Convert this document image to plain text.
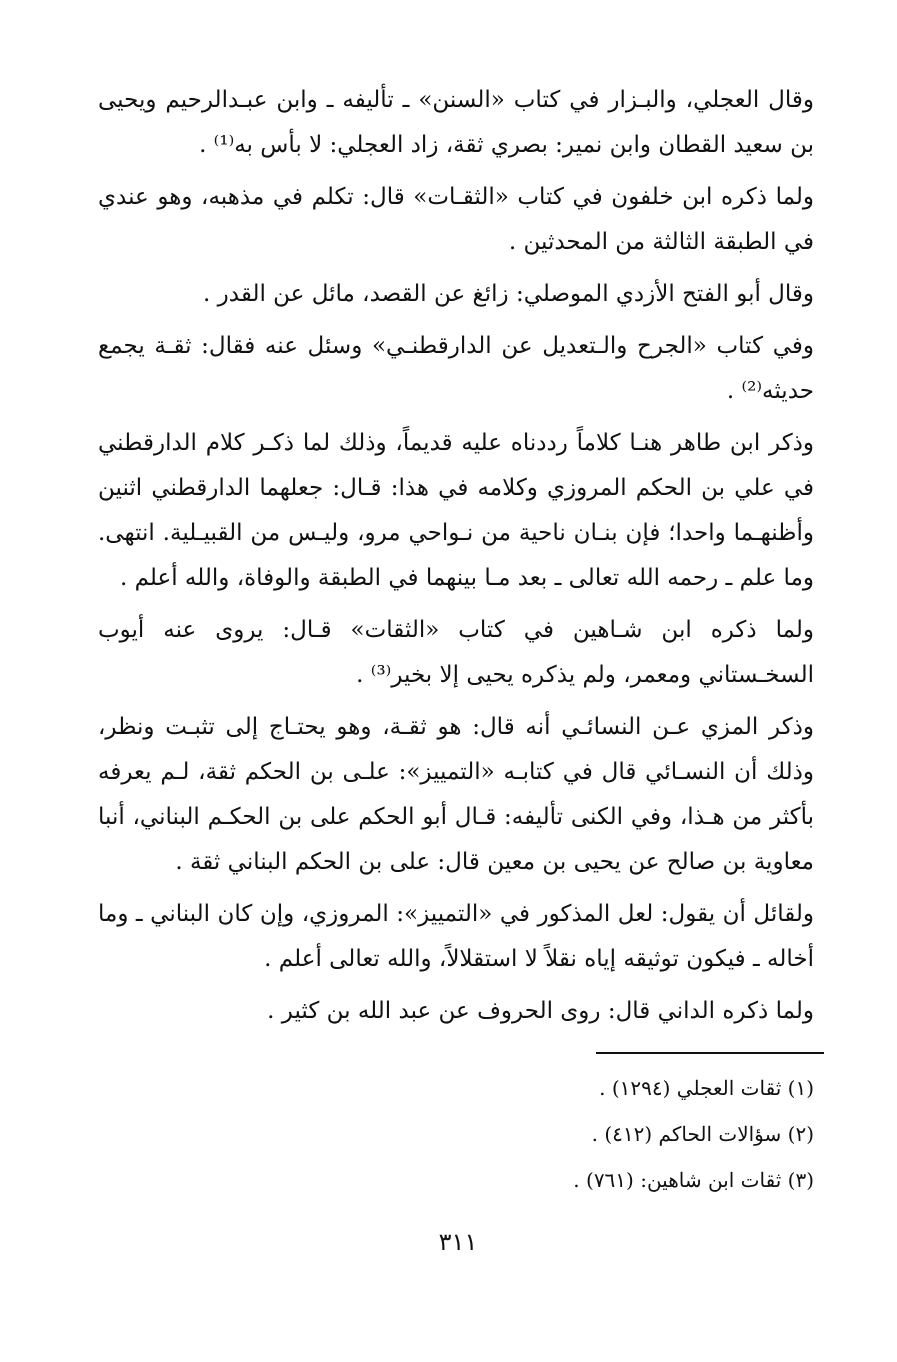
وقال العجلي، والبـزار في كتاب «السنن» ـ تأليفه ـ وابن عبـدالرحيم ويحيى بن سعيد القطان وابن نمير: بصري ثقة، زاد العجلي: لا بأس به⁽¹⁾ .

ولما ذكره ابن خلفون في كتاب «الثقـات» قال: تكلم في مذهبه، وهو عندي في الطبقة الثالثة من المحدثين .

وقال أبو الفتح الأزدي الموصلي: زائغ عن القصد، مائل عن القدر .

وفي كتاب «الجرح والـتعديل عن الدارقطنـي» وسئل عنه فقال: ثقـة يجمع حديثه⁽²⁾ .

وذكر ابن طاهر هنـا كلاماً رددناه عليه قديماً، وذلك لما ذكـر كلام الدارقطني في علي بن الحكم المروزي وكلامه في هذا: قـال: جعلهما الدارقطني اثنين وأظنهـما واحدا؛ فإن بنـان ناحية من نـواحي مرو، وليـس من القبيـلية. انتهى. وما علم ـ رحمه الله تعالى ـ بعد مـا بينهما في الطبقة والوفاة، والله أعلم .

ولما ذكره ابن شـاهين في كتاب «الثقات» قـال: يروى عنه أيوب السخـستاني ومعمر، ولم يذكره يحيى إلا بخير⁽³⁾ .

وذكر المزي عـن النسائـي أنه قال: هو ثقـة، وهو يحتـاج إلى تثبـت ونظر، وذلك أن النسـائي قال في كتابـه «التمييز»: علـى بن الحكم ثقة، لـم يعرفه بأكثر من هـذا، وفي الكنى تأليفه: قـال أبو الحكم على بن الحكـم البناني، أنبا معاوية بن صالح عن يحيى بن معين قال: على بن الحكم البناني ثقة .

ولقائل أن يقول: لعل المذكور في «التمييز»: المروزي، وإن كان البناني ـ وما أخاله ـ فيكون توثيقه إياه نقلاً لا استقلالاً، والله تعالى أعلم .

ولما ذكره الداني قال: روى الحروف عن عبد الله بن كثير .

(١) ثقات العجلي (١٢٩٤) .

(٢) سؤالات الحاكم (٤١٢) .

(٣) ثقات ابن شاهين: (٧٦١) .

٣١١
